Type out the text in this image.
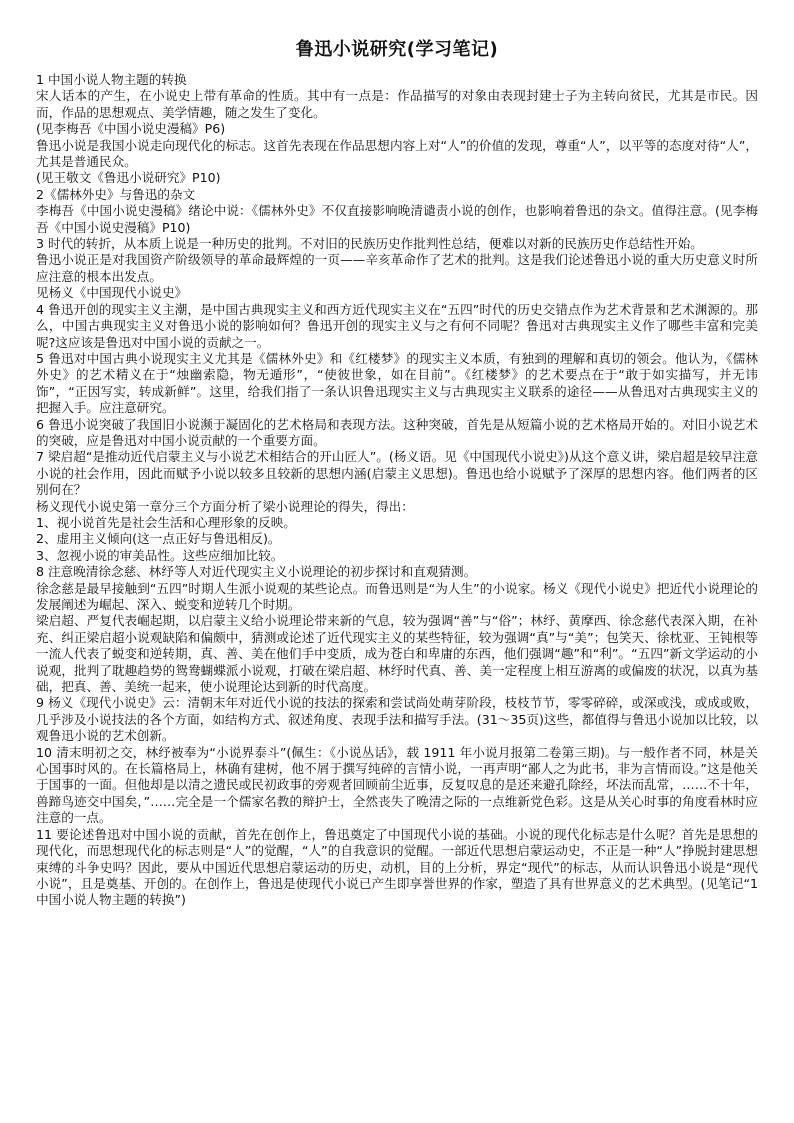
鲁迅小说研究(学习笔记)

1 中国小说人物主题的转换

宋人话本的产生，在小说史上带有革命的性质。其中有一点是：作品描写的对象由表现封建士子为主转向贫民，尤其是市民。因而，作品的思想观点、美学情趣，随之发生了变化。

(见李梅吾《中国小说史漫稿》P6)

鲁迅小说是我国小说走向现代化的标志。这首先表现在作品思想内容上对“人”的价值的发现，尊重“人”，以平等的态度对待“人”，尤其是普通民众。

(见王敬文《鲁迅小说研究》P10)

2《儒林外史》与鲁迅的杂文

李梅吾《中国小说史漫稿》绪论中说：《儒林外史》不仅直接影响晚清谴责小说的创作，也影响着鲁迅的杂文。值得注意。(见李梅吾《中国小说史漫稿》P10)

3 时代的转折，从本质上说是一种历史的批判。不对旧的民族历史作批判性总结，便难以对新的民族历史作总结性开始。

鲁迅小说正是对我国资产阶级领导的革命最辉煌的一页——辛亥革命作了艺术的批判。这是我们论述鲁迅小说的重大历史意义时所应注意的根本出发点。

见杨义《中国现代小说史》

4 鲁迅开创的现实主义主潮，是中国古典现实主义和西方近代现实主义在“五四”时代的历史交错点作为艺术背景和艺术渊源的。那么，中国古典现实主义对鲁迅小说的影响如何？鲁迅开创的现实主义与之有何不同呢？鲁迅对古典现实主义作了哪些丰富和完美呢?这应该是鲁迅对中国小说的贡献之一。

5 鲁迅对中国古典小说现实主义尤其是《儒林外史》和《红楼梦》的现实主义本质，有独到的理解和真切的领会。他认为，《儒林外史》的艺术精义在于“烛幽索隐，物无遁形”，“使彼世象，如在目前”。《红楼梦》的艺术要点在于“敢于如实描写，并无讳饰”，“正因写实，转成新鲜”。这里，给我们指了一条认识鲁迅现实主义与古典现实主义联系的途径——从鲁迅对古典现实主义的把握入手。应注意研究。

6 鲁迅小说突破了我国旧小说濒于凝固化的艺术格局和表现方法。这种突破，首先是从短篇小说的艺术格局开始的。对旧小说艺术的突破，应是鲁迅对中国小说贡献的一个重要方面。

7 梁启超“是推动近代启蒙主义与小说艺术相结合的开山匠人”。(杨义语。见《中国现代小说史》)从这个意义讲，梁启超是较早注意小说的社会作用，因此而赋予小说以较多且较新的思想内涵(启蒙主义思想)。鲁迅也给小说赋予了深厚的思想内容。他们两者的区别何在？

杨义现代小说史第一章分三个方面分析了梁小说理论的得失，得出：

1、视小说首先是社会生活和心理形象的反映。

2、虚用主义倾向(这一点正好与鲁迅相反)。

3、忽视小说的审美品性。这些应细加比较。

8 注意晚清徐念慈、林纾等人对近代现实主义小说理论的初步探讨和直观猜测。

徐念慈是最早接触到“五四”时期人生派小说观的某些论点。而鲁迅则是“为人生”的小说家。杨义《现代小说史》把近代小说理论的发展阐述为崛起、深入、蜕变和逆转几个时期。

梁启超、严复代表崛起期，以启蒙主义给小说理论带来新的气息，较为强调“善”与“俗”；林纾、黄摩西、徐念慈代表深入期，在补充、纠正梁启超小说观缺陷和偏颇中，猜测或论述了近代现实主义的某些特征，较为强调“真”与“美”；包笑天、徐枕亚、王钝根等一流人代表了蜕变和逆转期，真、善、美在他们手中变质，成为苍白和卑庸的东西，他们强调“趣”和“利”。“五四”新文学运动的小说观，批判了耽趣趋势的鸳鸯蝴蝶派小说观，打破在梁启超、林纾时代真、善、美一定程度上相互游离的或偏废的状况，以真为基础，把真、善、美统一起来，使小说理论达到新的时代高度。

9 杨义《现代小说史》云：清朝末年对近代小说的技法的探索和尝试尚处萌芽阶段，枝枝节节，零零碎碎，或深或浅，或成或败，几乎涉及小说技法的各个方面，如结构方式、叙述角度、表现手法和描写手法。(31～35页)这些，都值得与鲁迅小说加以比较，以观鲁迅小说的艺术创新。

10 清末明初之交，林纾被奉为“小说界泰斗”(佩生：《小说丛话》，载 1911 年小说月报第二卷第三期)。与一般作者不同，林是关心国事时风的。在长篇格局上，林确有建树，他不屑于撰写纯碎的言情小说，一再声明“鄙人之为此书，非为言情而设。”这是他关于国事的一面。但他却是以清之遗民或民初政事的旁观者回顾前尘近事，反复叹息的是还来避孔除经，坏法而乱常，……不十年，兽蹄鸟迹交中国矣，”……完全是一个儒家名教的辩护士，全然丧失了晚清之际的一点维新党色彩。这是从关心时事的角度看林时应注意的一点。

11 要论述鲁迅对中国小说的贡献，首先在创作上，鲁迅奠定了中国现代小说的基础。小说的现代化标志是什么呢？首先是思想的现代化，而思想现代化的标志则是“人”的觉醒，“人”的自我意识的觉醒。一部近代思想启蒙运动史，不正是一种“人”挣脱封建思想束缚的斗争史吗？因此，要从中国近代思想启蒙运动的历史，动机，目的上分析，界定“现代”的标志，从而认识鲁迅小说是“现代小说”，且是奠基、开创的。在创作上，鲁迅是使现代小说已产生即享誉世界的作家，塑造了具有世界意义的艺术典型。(见笔记“1 中国小说人物主题的转换”)
